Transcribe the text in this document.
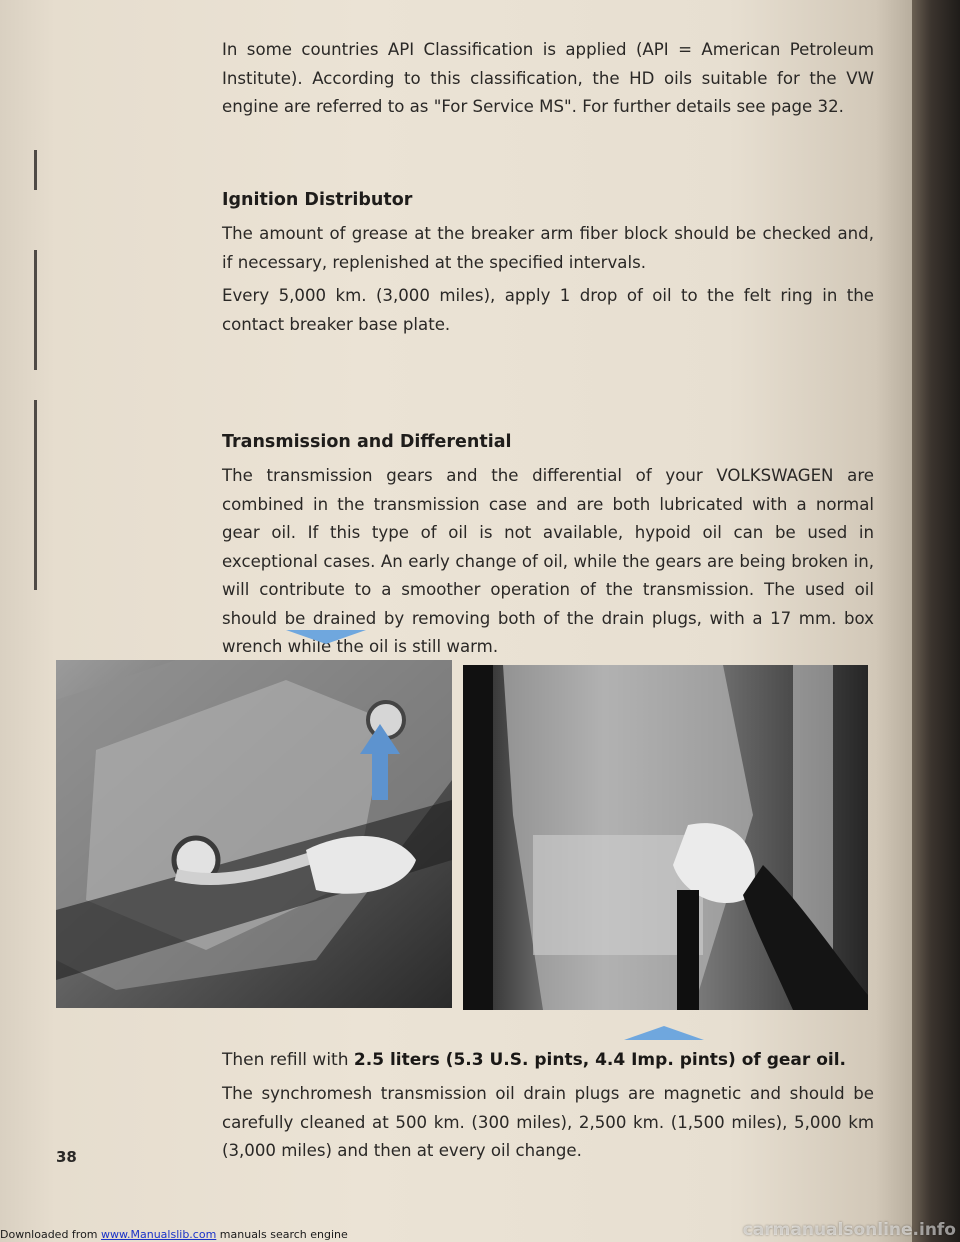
In some countries API Classification is applied (API = American Petroleum Institute). According to this classification, the HD oils suitable for the VW engine are referred to as "For Service MS". For further details see page 32.

Ignition Distributor

The amount of grease at the breaker arm fiber block should be checked and, if necessary, replenished at the specified intervals.

Every 5,000 km. (3,000 miles), apply 1 drop of oil to the felt ring in the contact breaker base plate.

Transmission and Differential

The transmission gears and the differential of your VOLKSWAGEN are combined in the transmission case and are both lubricated with a normal gear oil. If this type of oil is not available, hypoid oil can be used in exceptional cases. An early change of oil, while the gears are being broken in, will contribute to a smoother operation of the transmission. The used oil should be drained by removing both of the drain plugs, with a 17 mm. box wrench while the oil is still warm.

Then refill with 2.5 liters (5.3 U.S. pints, 4.4 Imp. pints) of gear oil.

The synchromesh transmission oil drain plugs are magnetic and should be carefully cleaned at 500 km. (300 miles), 2,500 km. (1,500 miles), 5,000 km (3,000 miles) and then at every oil change.

38

Downloaded from www.Manualslib.com manuals search engine	carmanualsonline.info
